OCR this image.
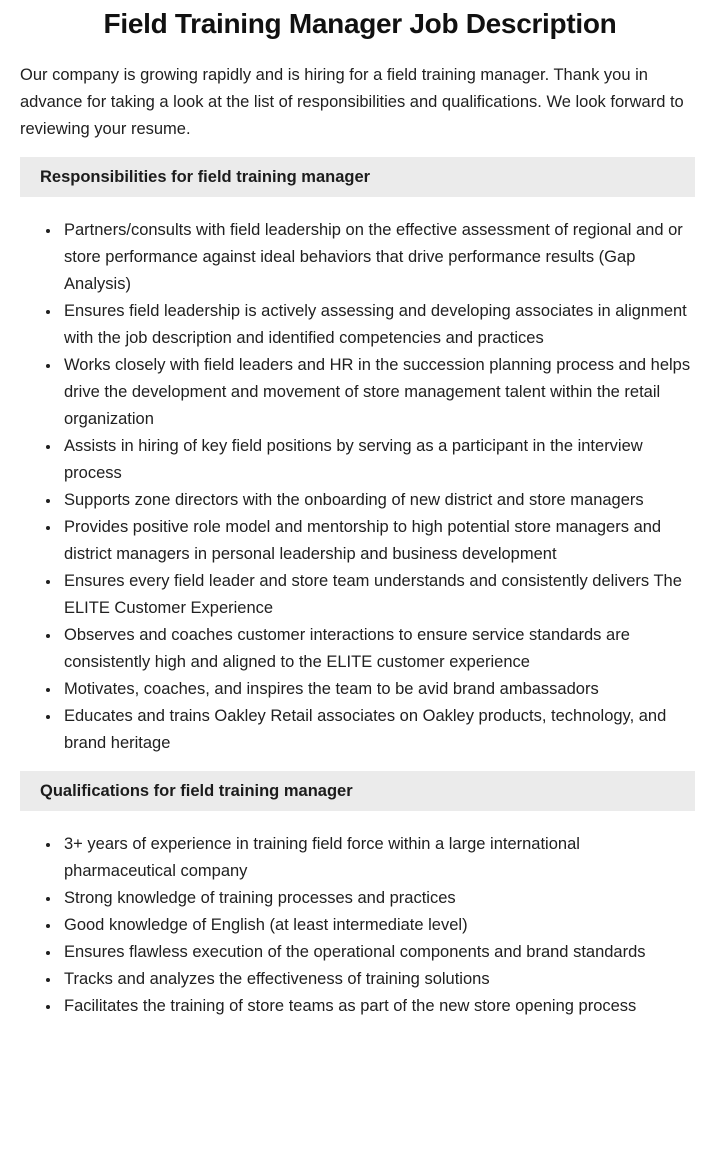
Field Training Manager Job Description

Our company is growing rapidly and is hiring for a field training manager. Thank you in advance for taking a look at the list of responsibilities and qualifications. We look forward to reviewing your resume.

Responsibilities for field training manager
• Partners/consults with field leadership on the effective assessment of regional and or store performance against ideal behaviors that drive performance results (Gap Analysis)
• Ensures field leadership is actively assessing and developing associates in alignment with the job description and identified competencies and practices
• Works closely with field leaders and HR in the succession planning process and helps drive the development and movement of store management talent within the retail organization
• Assists in hiring of key field positions by serving as a participant in the interview process
• Supports zone directors with the onboarding of new district and store managers
• Provides positive role model and mentorship to high potential store managers and district managers in personal leadership and business development
• Ensures every field leader and store team understands and consistently delivers The ELITE Customer Experience
• Observes and coaches customer interactions to ensure service standards are consistently high and aligned to the ELITE customer experience
• Motivates, coaches, and inspires the team to be avid brand ambassadors
• Educates and trains Oakley Retail associates on Oakley products, technology, and brand heritage
Qualifications for field training manager
• 3+ years of experience in training field force within a large international pharmaceutical company
• Strong knowledge of training processes and practices
• Good knowledge of English (at least intermediate level)
• Ensures flawless execution of the operational components and brand standards
• Tracks and analyzes the effectiveness of training solutions
• Facilitates the training of store teams as part of the new store opening process
